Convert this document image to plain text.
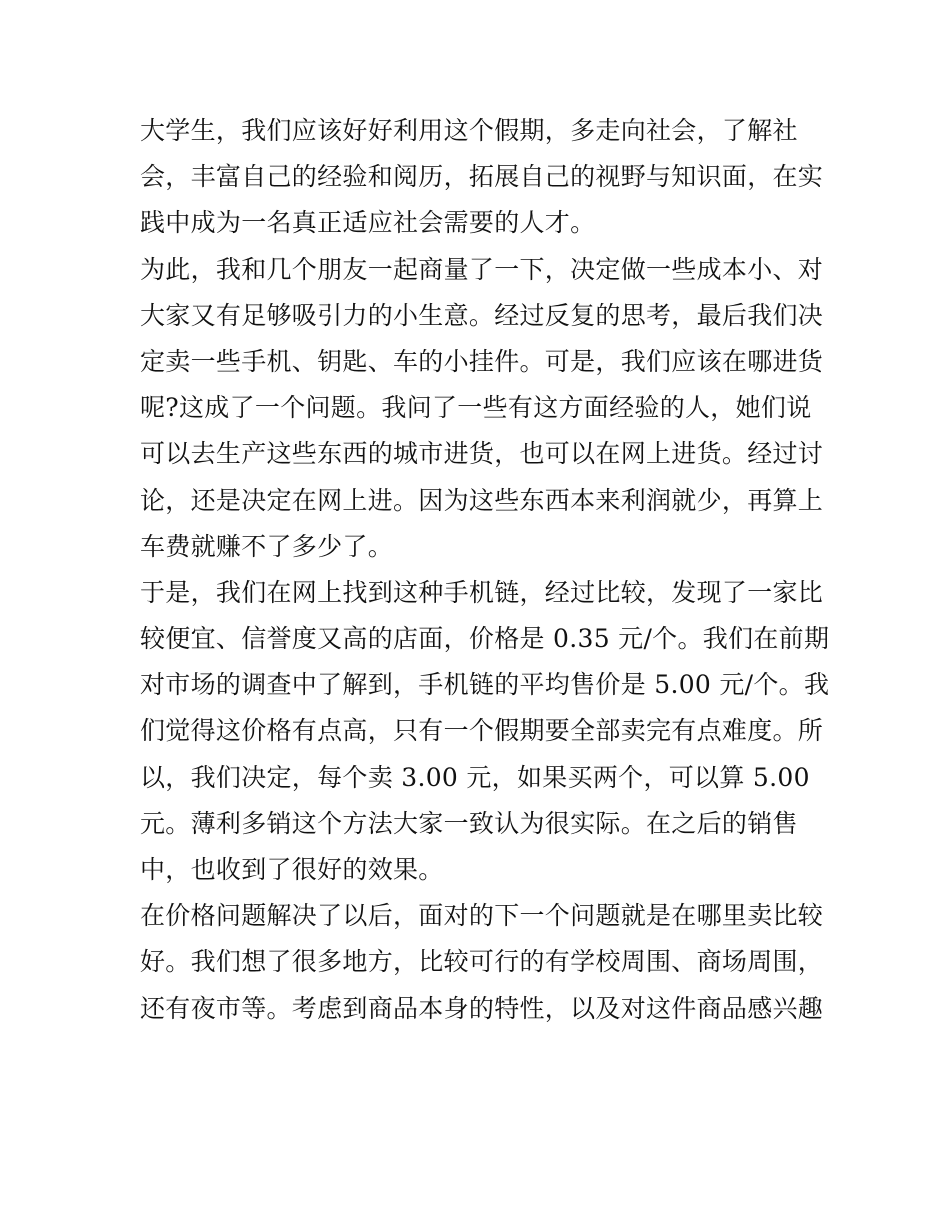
大学生，我们应该好好利用这个假期，多走向社会，了解社
会，丰富自己的经验和阅历，拓展自己的视野与知识面，在实
践中成为一名真正适应社会需要的人才。
为此，我和几个朋友一起商量了一下，决定做一些成本小、对
大家又有足够吸引力的小生意。经过反复的思考，最后我们决
定卖一些手机、钥匙、车的小挂件。可是，我们应该在哪进货
呢?这成了一个问题。我问了一些有这方面经验的人，她们说
可以去生产这些东西的城市进货，也可以在网上进货。经过讨
论，还是决定在网上进。因为这些东西本来利润就少，再算上
车费就赚不了多少了。
于是，我们在网上找到这种手机链，经过比较，发现了一家比
较便宜、信誉度又高的店面，价格是 0.35 元/个。我们在前期
对市场的调查中了解到，手机链的平均售价是 5.00 元/个。我
们觉得这价格有点高，只有一个假期要全部卖完有点难度。所
以，我们决定，每个卖 3.00 元，如果买两个，可以算 5.00
元。薄利多销这个方法大家一致认为很实际。在之后的销售
中，也收到了很好的效果。
在价格问题解决了以后，面对的下一个问题就是在哪里卖比较
好。我们想了很多地方，比较可行的有学校周围、商场周围，
还有夜市等。考虑到商品本身的特性，以及对这件商品感兴趣
